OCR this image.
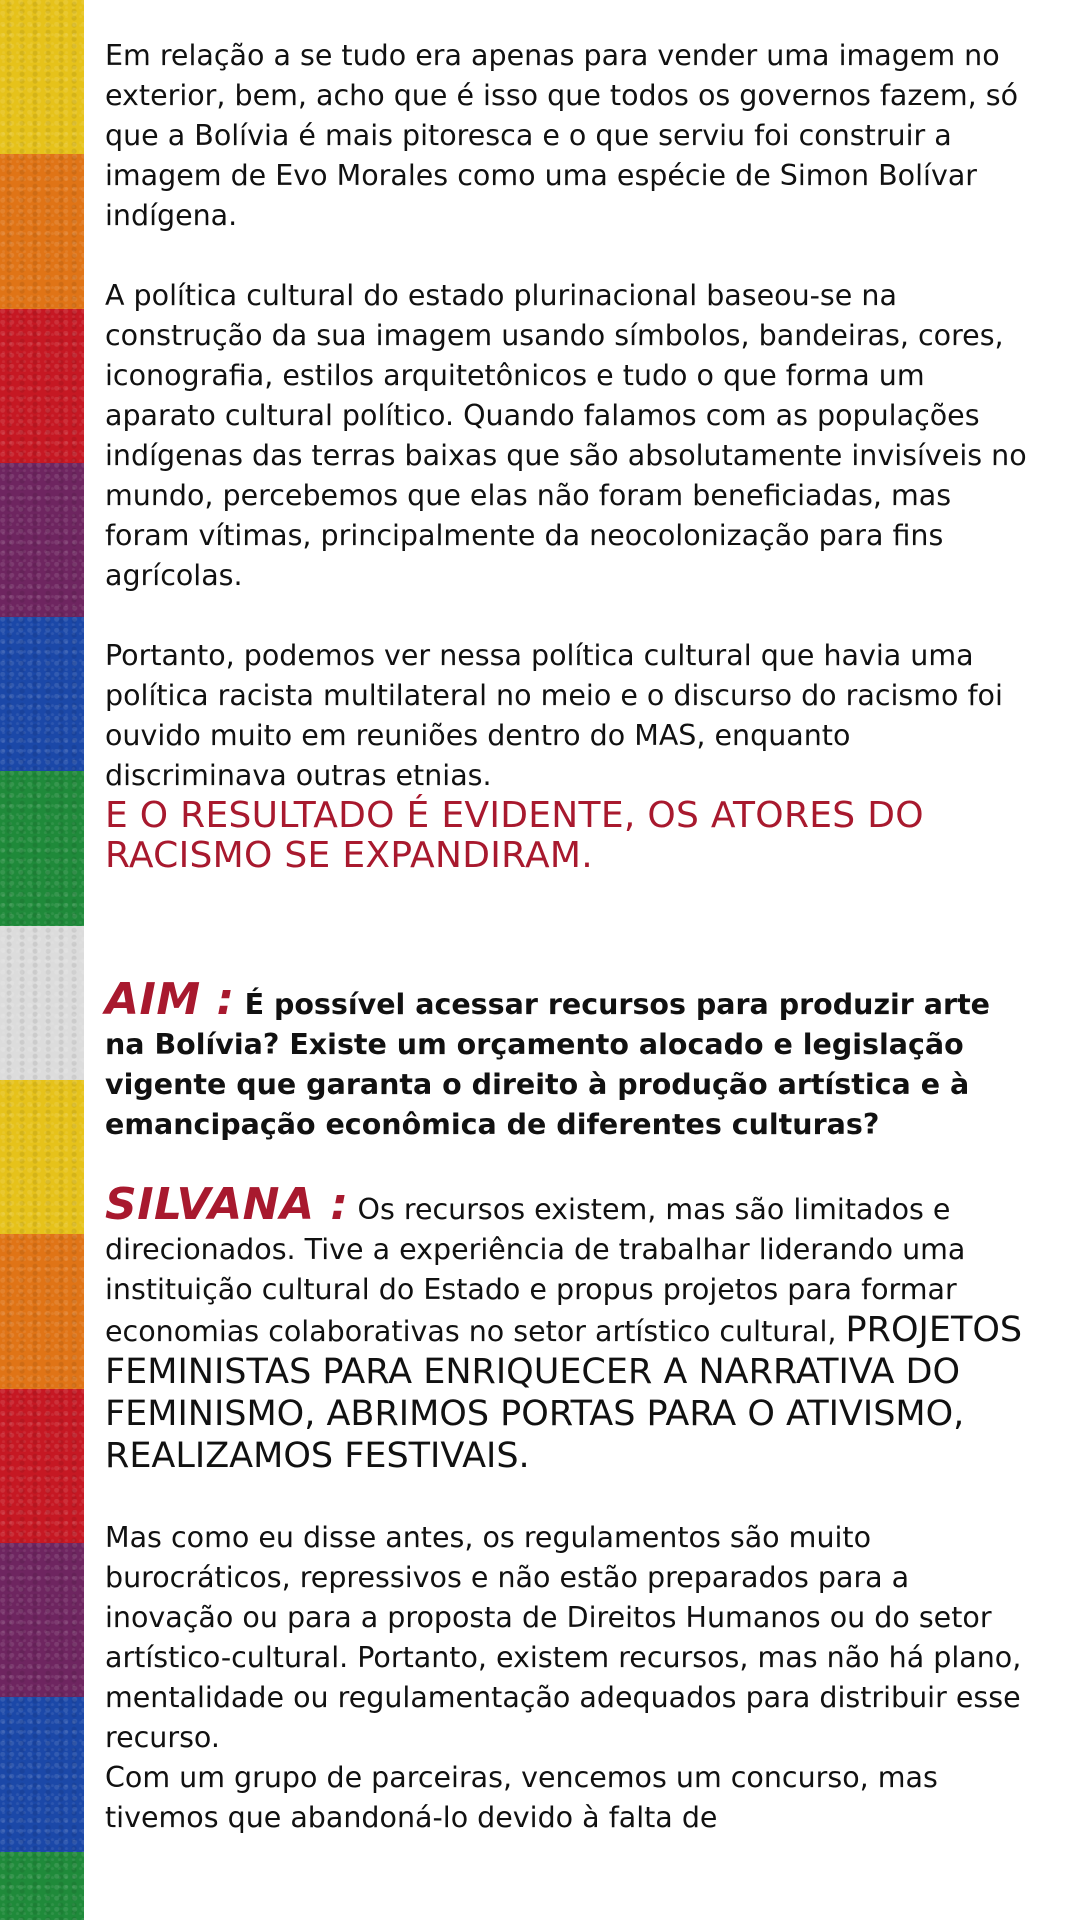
Em relação a se tudo era apenas para vender uma imagem no exterior, bem, acho que é isso que todos os governos fazem, só que a Bolívia é mais pitoresca e o que serviu foi construir a imagem de Evo Morales como uma espécie de Simon Bolívar indígena.

A política cultural do estado plurinacional baseou-se na construção da sua imagem usando símbolos, bandeiras, cores, iconografia, estilos arquitetônicos e tudo o que forma um aparato cultural político. Quando falamos com as populações indígenas das terras baixas que são absolutamente invisíveis no mundo, percebemos que elas não foram beneficiadas, mas foram vítimas, principalmente da neocolonização para fins agrícolas.

Portanto, podemos ver nessa política cultural que havia uma política racista multilateral no meio e o discurso do racismo foi ouvido muito em reuniões dentro do MAS, enquanto discriminava outras etnias.

E O RESULTADO É EVIDENTE, OS ATORES DO RACISMO SE EXPANDIRAM.

AIM : É possível acessar recursos para produzir arte na Bolívia? Existe um orçamento alocado e legislação vigente que garanta o direito à produção artística e à emancipação econômica de diferentes culturas?

SILVANA : Os recursos existem, mas são limitados e direcionados. Tive a experiência de trabalhar liderando uma instituição cultural do Estado e propus projetos para formar economias colaborativas no setor artístico cultural, PROJETOS FEMINISTAS PARA ENRIQUECER A NARRATIVA DO FEMINISMO, ABRIMOS PORTAS PARA O ATIVISMO, REALIZAMOS FESTIVAIS.

Mas como eu disse antes, os regulamentos são muito burocráticos, repressivos e não estão preparados para a inovação ou para a proposta de Direitos Humanos ou do setor artístico-cultural. Portanto, existem recursos, mas não há plano, mentalidade ou regulamentação adequados para distribuir esse recurso.

Com um grupo de parceiras, vencemos um concurso, mas tivemos que abandoná-lo devido à falta de
